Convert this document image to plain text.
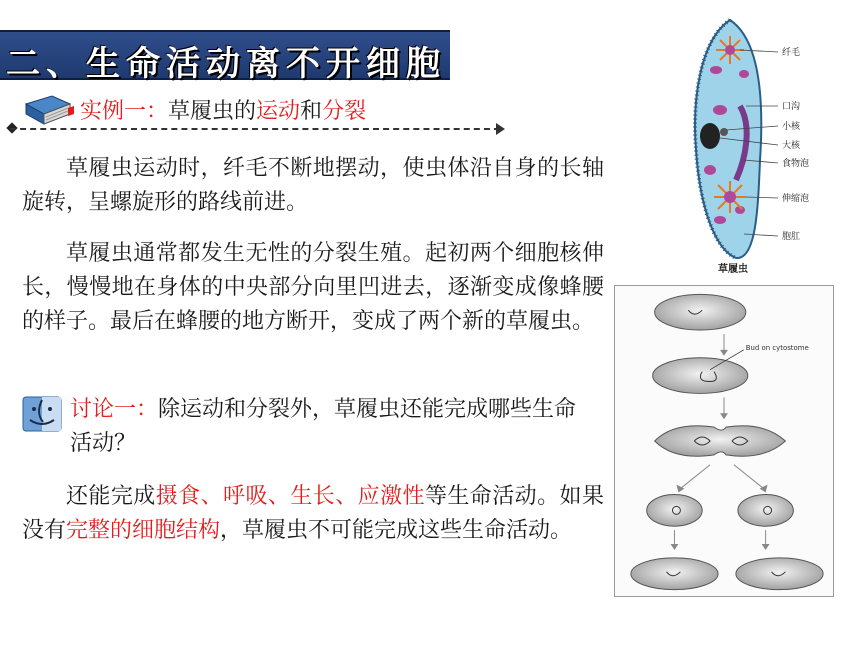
二、生命活动离不开细胞
实例一：草履虫的运动和分裂

草履虫运动时，纤毛不断地摆动，使虫体沿自身的长轴旋转，呈螺旋形的路线前进。

草履虫通常都发生无性的分裂生殖。起初两个细胞核伸长，慢慢地在身体的中央部分向里凹进去，逐渐变成像蜂腰的样子。最后在蜂腰的地方断开，变成了两个新的草履虫。

讨论一：除运动和分裂外，草履虫还能完成哪些生命活动？

还能完成摄食、呼吸、生长、应激性等生命活动。如果没有完整的细胞结构，草履虫不可能完成这些生命活动。

纤毛
口沟
小核
大核
食物泡
伸缩泡
胞肛
草履虫
Bud on cytostome
